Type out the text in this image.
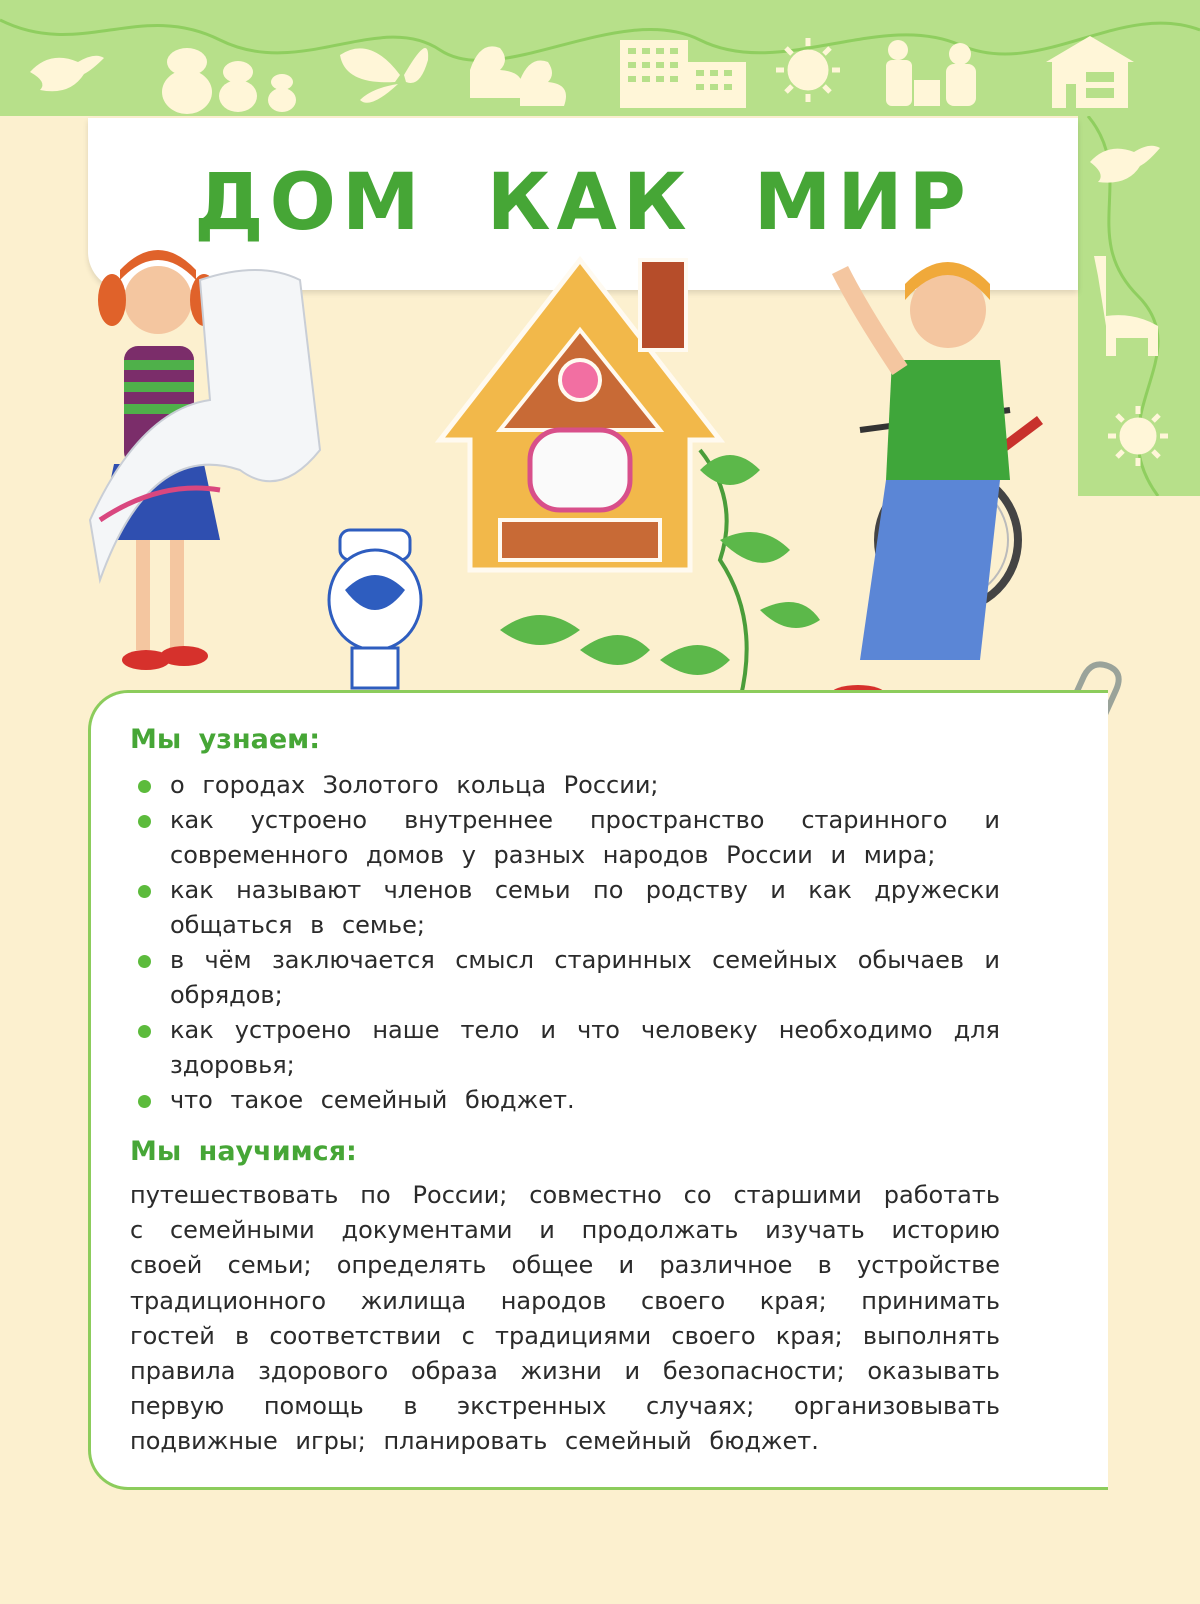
ДОМ КАК МИР
Мы узнаем:
о городах Золотого кольца России;
как устроено внутреннее пространство старинного и современного домов у разных народов России и мира;
как называют членов семьи по родству и как дружески общаться в семье;
в чём заключается смысл старинных семейных обычаев и обрядов;
как устроено наше тело и что человеку необходимо для здоровья;
что такое семейный бюджет.
Мы научимся:
путешествовать по России; совместно со старшими работать с семейными документами и продолжать изучать историю своей семьи; определять общее и различное в устройстве традиционного жилища народов своего края; принимать гостей в соответствии с традициями своего края; выполнять правила здорового образа жизни и безопасности; оказывать первую помощь в экстренных случаях; организовывать подвижные игры; планировать семейный бюджет.
